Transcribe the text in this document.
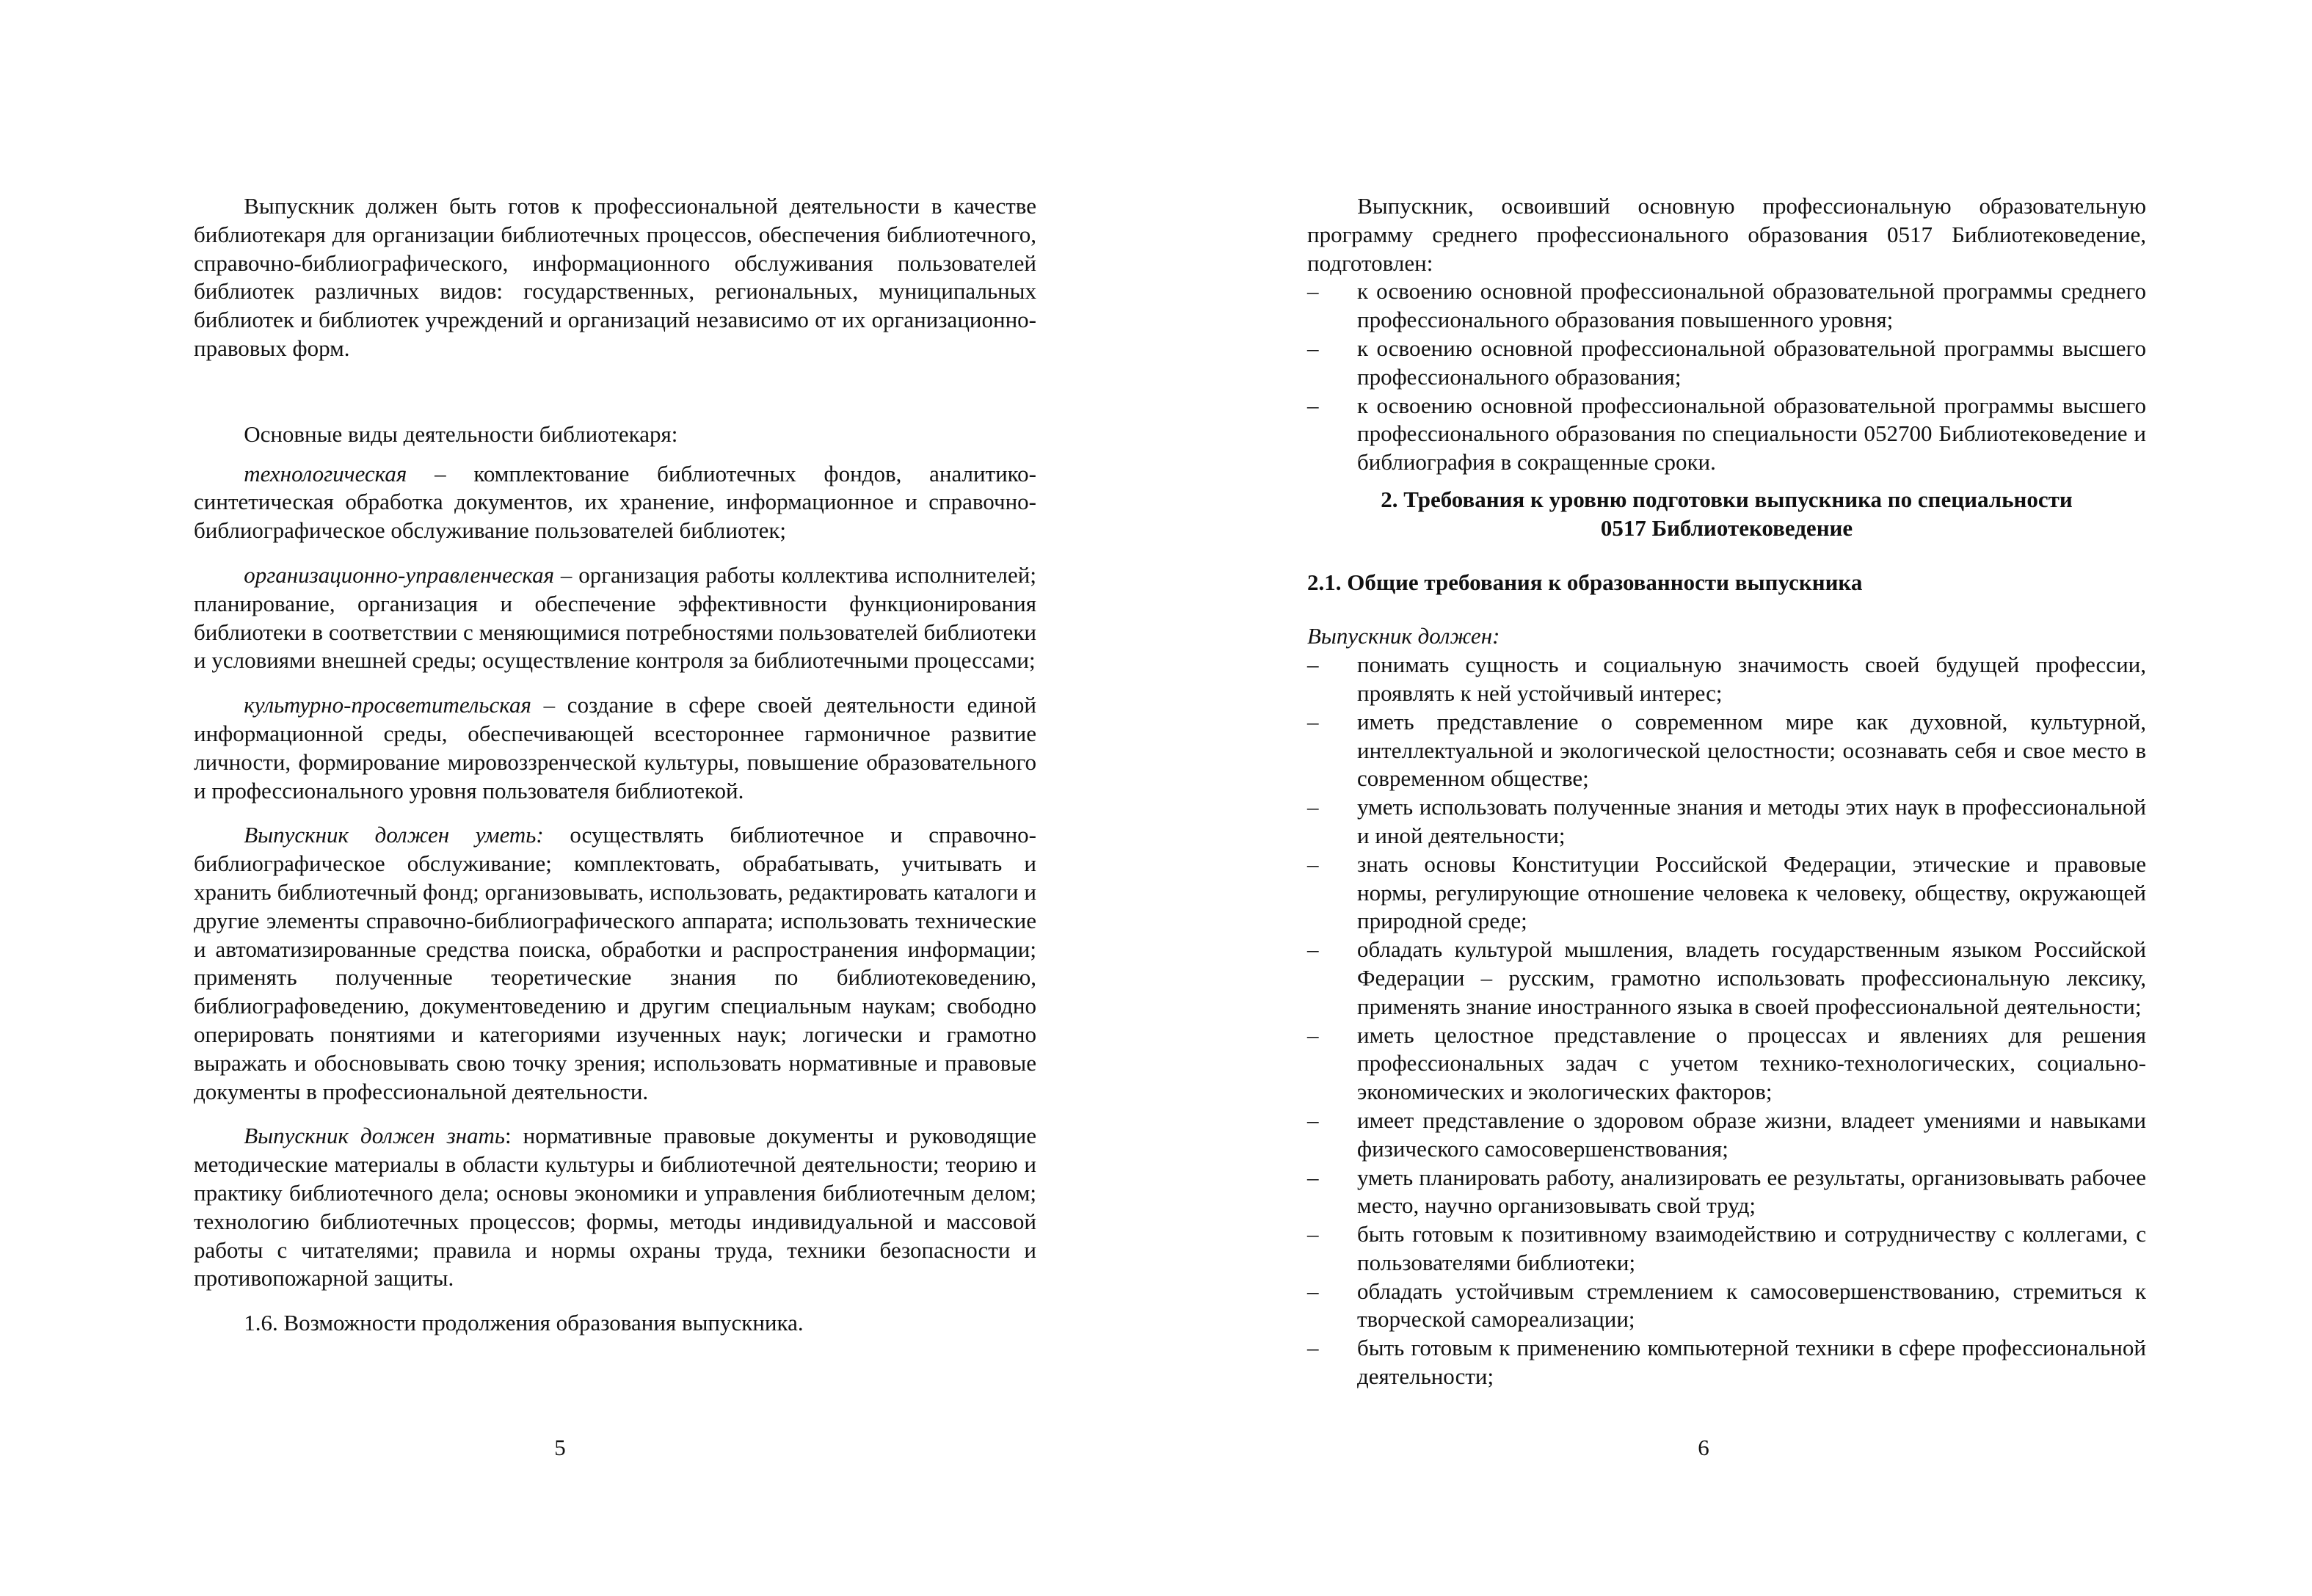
Выпускник должен быть готов к профессиональной деятельности в качестве библиотекаря для организации библиотечных процессов, обеспечения библиотечного, справочно-библиографического, информационного обслуживания пользователей библиотек различных видов: государственных, региональных, муниципальных библиотек и библиотек учреждений и организаций независимо от их организационно-правовых форм.

Основные виды деятельности библиотекаря:

технологическая – комплектование библиотечных фондов, аналитико-синтетическая обработка документов, их хранение, информационное и справочно-библиографическое обслуживание пользователей библиотек;

организационно-управленческая – организация работы коллектива исполнителей; планирование, организация и обеспечение эффективности функционирования библиотеки в соответствии с меняющимися потребностями пользователей библиотеки и условиями внешней среды; осуществление контроля за библиотечными процессами;

культурно-просветительская – создание в сфере своей деятельности единой информационной среды, обеспечивающей всестороннее гармоничное развитие личности, формирование мировоззренческой культуры, повышение образовательного и профессионального уровня пользователя библиотекой.

Выпускник должен уметь: осуществлять библиотечное и справочно-библиографическое обслуживание; комплектовать, обрабатывать, учитывать и хранить библиотечный фонд; организовывать, использовать, редактировать каталоги и другие элементы справочно-библиографического аппарата; использовать технические и автоматизированные средства поиска, обработки и распространения информации; применять полученные теоретические знания по библиотековедению, библиографоведению, документоведению и другим специальным наукам; свободно оперировать понятиями и категориями изученных наук; логически и грамотно выражать и обосновывать свою точку зрения; использовать нормативные и правовые документы в профессиональной деятельности.

Выпускник должен знать: нормативные правовые документы и руководящие методические материалы в области культуры и библиотечной деятельности; теорию и практику библиотечного дела; основы экономики и управления библиотечным делом; технологию библиотечных процессов; формы, методы индивидуальной и массовой работы с читателями; правила и нормы охраны труда, техники безопасности и противопожарной защиты.

1.6. Возможности продолжения образования выпускника.

5

Выпускник, освоивший основную профессиональную образовательную программу среднего профессионального образования 0517 Библиотековедение, подготовлен:

– к освоению основной профессиональной образовательной программы среднего профессионального образования повышенного уровня;
– к освоению основной профессиональной образовательной программы высшего профессионального образования;
– к освоению основной профессиональной образовательной программы высшего профессионального образования по специальности 052700 Библиотековедение и библиография в сокращенные сроки.
2. Требования к уровню подготовки выпускника по специальности
0517 Библиотековедение

2.1. Общие требования к образованности выпускника

Выпускник должен:

– понимать сущность и социальную значимость своей будущей профессии, проявлять к ней устойчивый интерес;
– иметь представление о современном мире как духовной, культурной, интеллектуальной и экологической целостности; осознавать себя и свое место в современном обществе;
– уметь использовать полученные знания и методы этих наук в профессиональной и иной деятельности;
– знать основы Конституции Российской Федерации, этические и правовые нормы, регулирующие отношение человека к человеку, обществу, окружающей природной среде;
– обладать культурой мышления, владеть государственным языком Российской Федерации – русским, грамотно использовать профессиональную лексику, применять знание иностранного языка в своей профессиональной деятельности;
– иметь целостное представление о процессах и явлениях для решения профессиональных задач с учетом технико-технологических, социально-экономических и экологических факторов;
– имеет представление о здоровом образе жизни, владеет умениями и навыками физического самосовершенствования;
– уметь планировать работу, анализировать ее результаты, организовывать рабочее место, научно организовывать свой труд;
– быть готовым к позитивному взаимодействию и сотрудничеству с коллегами, с пользователями библиотеки;
– обладать устойчивым стремлением к самосовершенствованию, стремиться к творческой самореализации;
– быть готовым к применению компьютерной техники в сфере профессиональной деятельности;
6
